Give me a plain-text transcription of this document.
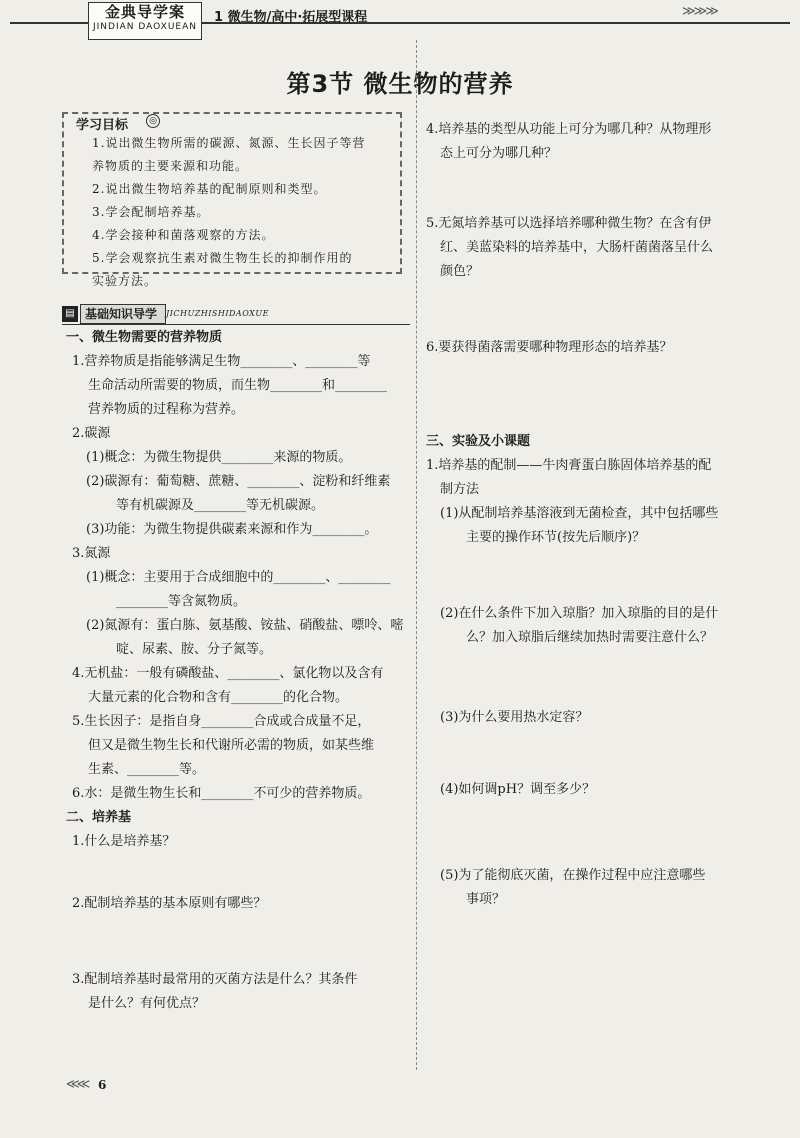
金典导学案
JINDIAN DAOXUEAN
1 微生物/高中·拓展型课程	≫≫≫
第3节 微生物的营养
学习目标	◎
1.说出微生物所需的碳源、氮源、生长因子等营
养物质的主要来源和功能。
2.说出微生物培养基的配制原则和类型。
3.学会配制培养基。
4.学会接种和菌落观察的方法。
5.学会观察抗生素对微生物生长的抑制作用的
实验方法。
▤ 基础知识导学	JICHUZHISHIDAOXUE
一、微生物需要的营养物质
1.营养物质是指能够满足生物________、________等
生命活动所需要的物质，而生物________和________
营养物质的过程称为营养。
2.碳源
(1)概念：为微生物提供________来源的物质。
(2)碳源有：葡萄糖、蔗糖、________、淀粉和纤维素
等有机碳源及________等无机碳源。
(3)功能：为微生物提供碳素来源和作为________。
3.氮源
(1)概念：主要用于合成细胞中的________、________
________等含氮物质。
(2)氮源有：蛋白胨、氨基酸、铵盐、硝酸盐、嘌呤、嘧
啶、尿素、胺、分子氮等。
4.无机盐：一般有磷酸盐、________、氯化物以及含有
大量元素的化合物和含有________的化合物。
5.生长因子：是指自身________合成或合成量不足，
但又是微生物生长和代谢所必需的物质，如某些维
生素、________等。
6.水：是微生物生长和________不可少的营养物质。
二、培养基
1.什么是培养基？
2.配制培养基的基本原则有哪些？
3.配制培养基时最常用的灭菌方法是什么？其条件
是什么？有何优点？
4.培养基的类型从功能上可分为哪几种？从物理形
态上可分为哪几种？
5.无氮培养基可以选择培养哪种微生物？在含有伊
红、美蓝染料的培养基中，大肠杆菌菌落呈什么
颜色？
6.要获得菌落需要哪种物理形态的培养基？
三、实验及小课题
1.培养基的配制——牛肉膏蛋白胨固体培养基的配
制方法
(1)从配制培养基溶液到无菌检查，其中包括哪些
主要的操作环节(按先后顺序)？
(2)在什么条件下加入琼脂？加入琼脂的目的是什
么？加入琼脂后继续加热时需要注意什么？
(3)为什么要用热水定容？
(4)如何调pH？调至多少？
(5)为了能彻底灭菌，在操作过程中应注意哪些
事项？
≪≪ 6
